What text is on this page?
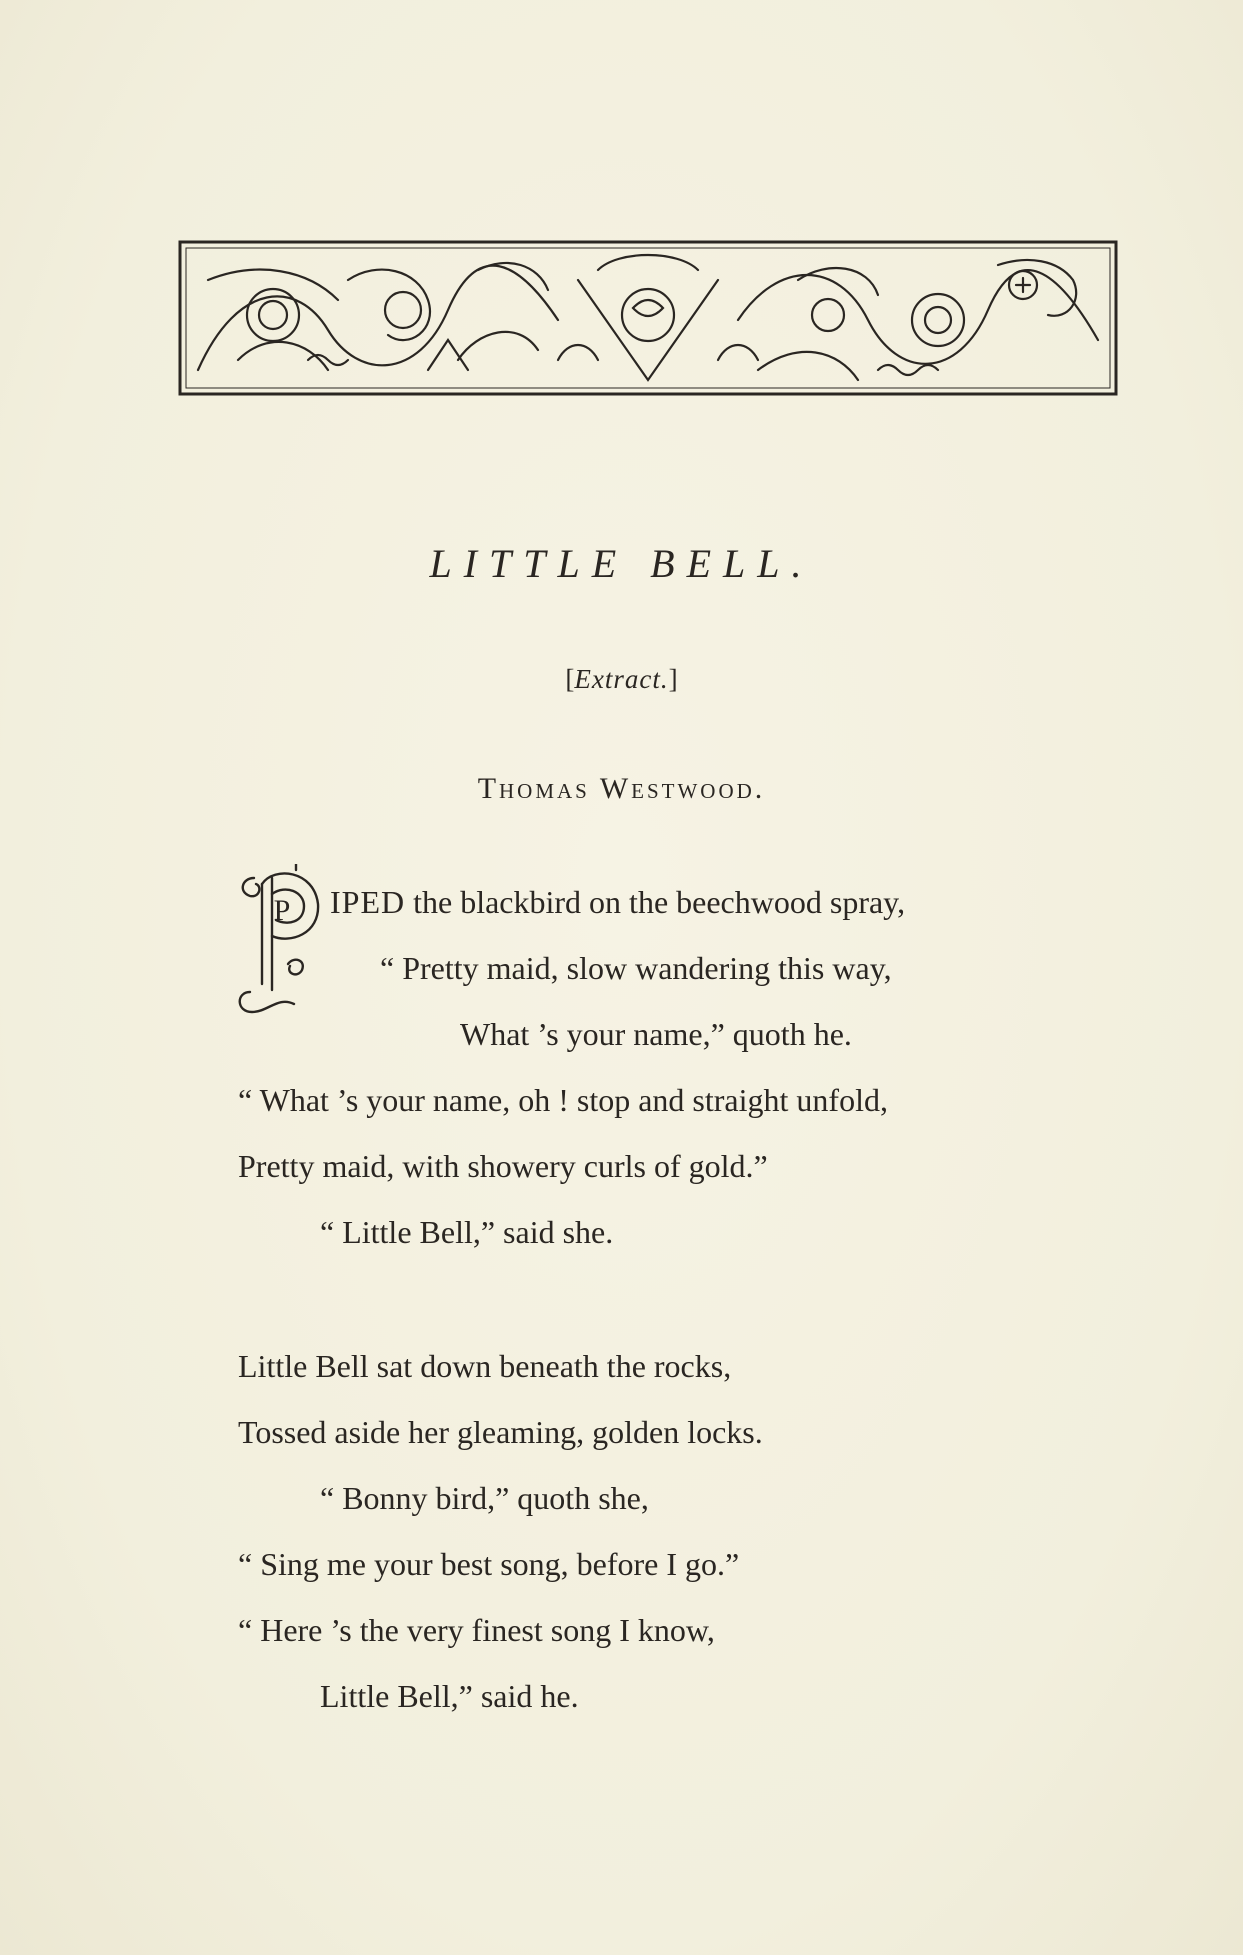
LITTLE BELL.
[Extract.]
Thomas Westwood.
P IPED the blackbird on the beechwood spray,
“ Pretty maid, slow wandering this way,
What ’s your name,” quoth he.
“ What ’s your name, oh ! stop and straight unfold,
Pretty maid, with showery curls of gold.”
“ Little Bell,” said she.
Little Bell sat down beneath the rocks,
Tossed aside her gleaming, golden locks.
“ Bonny bird,” quoth she,
“ Sing me your best song, before I go.”
“ Here ’s the very finest song I know,
Little Bell,” said he.
